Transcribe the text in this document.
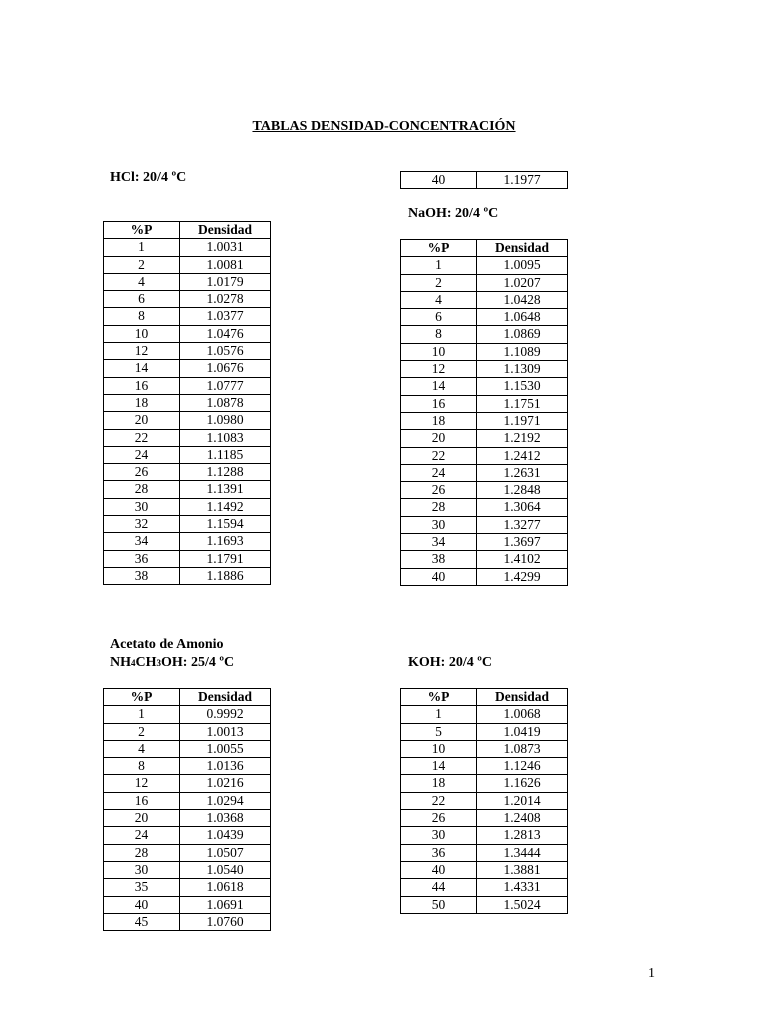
TABLAS DENSIDAD-CONCENTRACIÓN
HCl: 20/4 ºC
%P	Densidad
1	1.0031
2	1.0081
4	1.0179
6	1.0278
8	1.0377
10	1.0476
12	1.0576
14	1.0676
16	1.0777
18	1.0878
20	1.0980
22	1.1083
24	1.1185
26	1.1288
28	1.1391
30	1.1492
32	1.1594
34	1.1693
36	1.1791
38	1.1886
40	1.1977
NaOH: 20/4 ºC
%P	Densidad
1	1.0095
2	1.0207
4	1.0428
6	1.0648
8	1.0869
10	1.1089
12	1.1309
14	1.1530
16	1.1751
18	1.1971
20	1.2192
22	1.2412
24	1.2631
26	1.2848
28	1.3064
30	1.3277
34	1.3697
38	1.4102
40	1.4299
Acetato de Amonio
NH4CH3OH: 25/4 ºC
%P	Densidad
1	0.9992
2	1.0013
4	1.0055
8	1.0136
12	1.0216
16	1.0294
20	1.0368
24	1.0439
28	1.0507
30	1.0540
35	1.0618
40	1.0691
45	1.0760
KOH: 20/4 ºC
%P	Densidad
1	1.0068
5	1.0419
10	1.0873
14	1.1246
18	1.1626
22	1.2014
26	1.2408
30	1.2813
36	1.3444
40	1.3881
44	1.4331
50	1.5024
1
